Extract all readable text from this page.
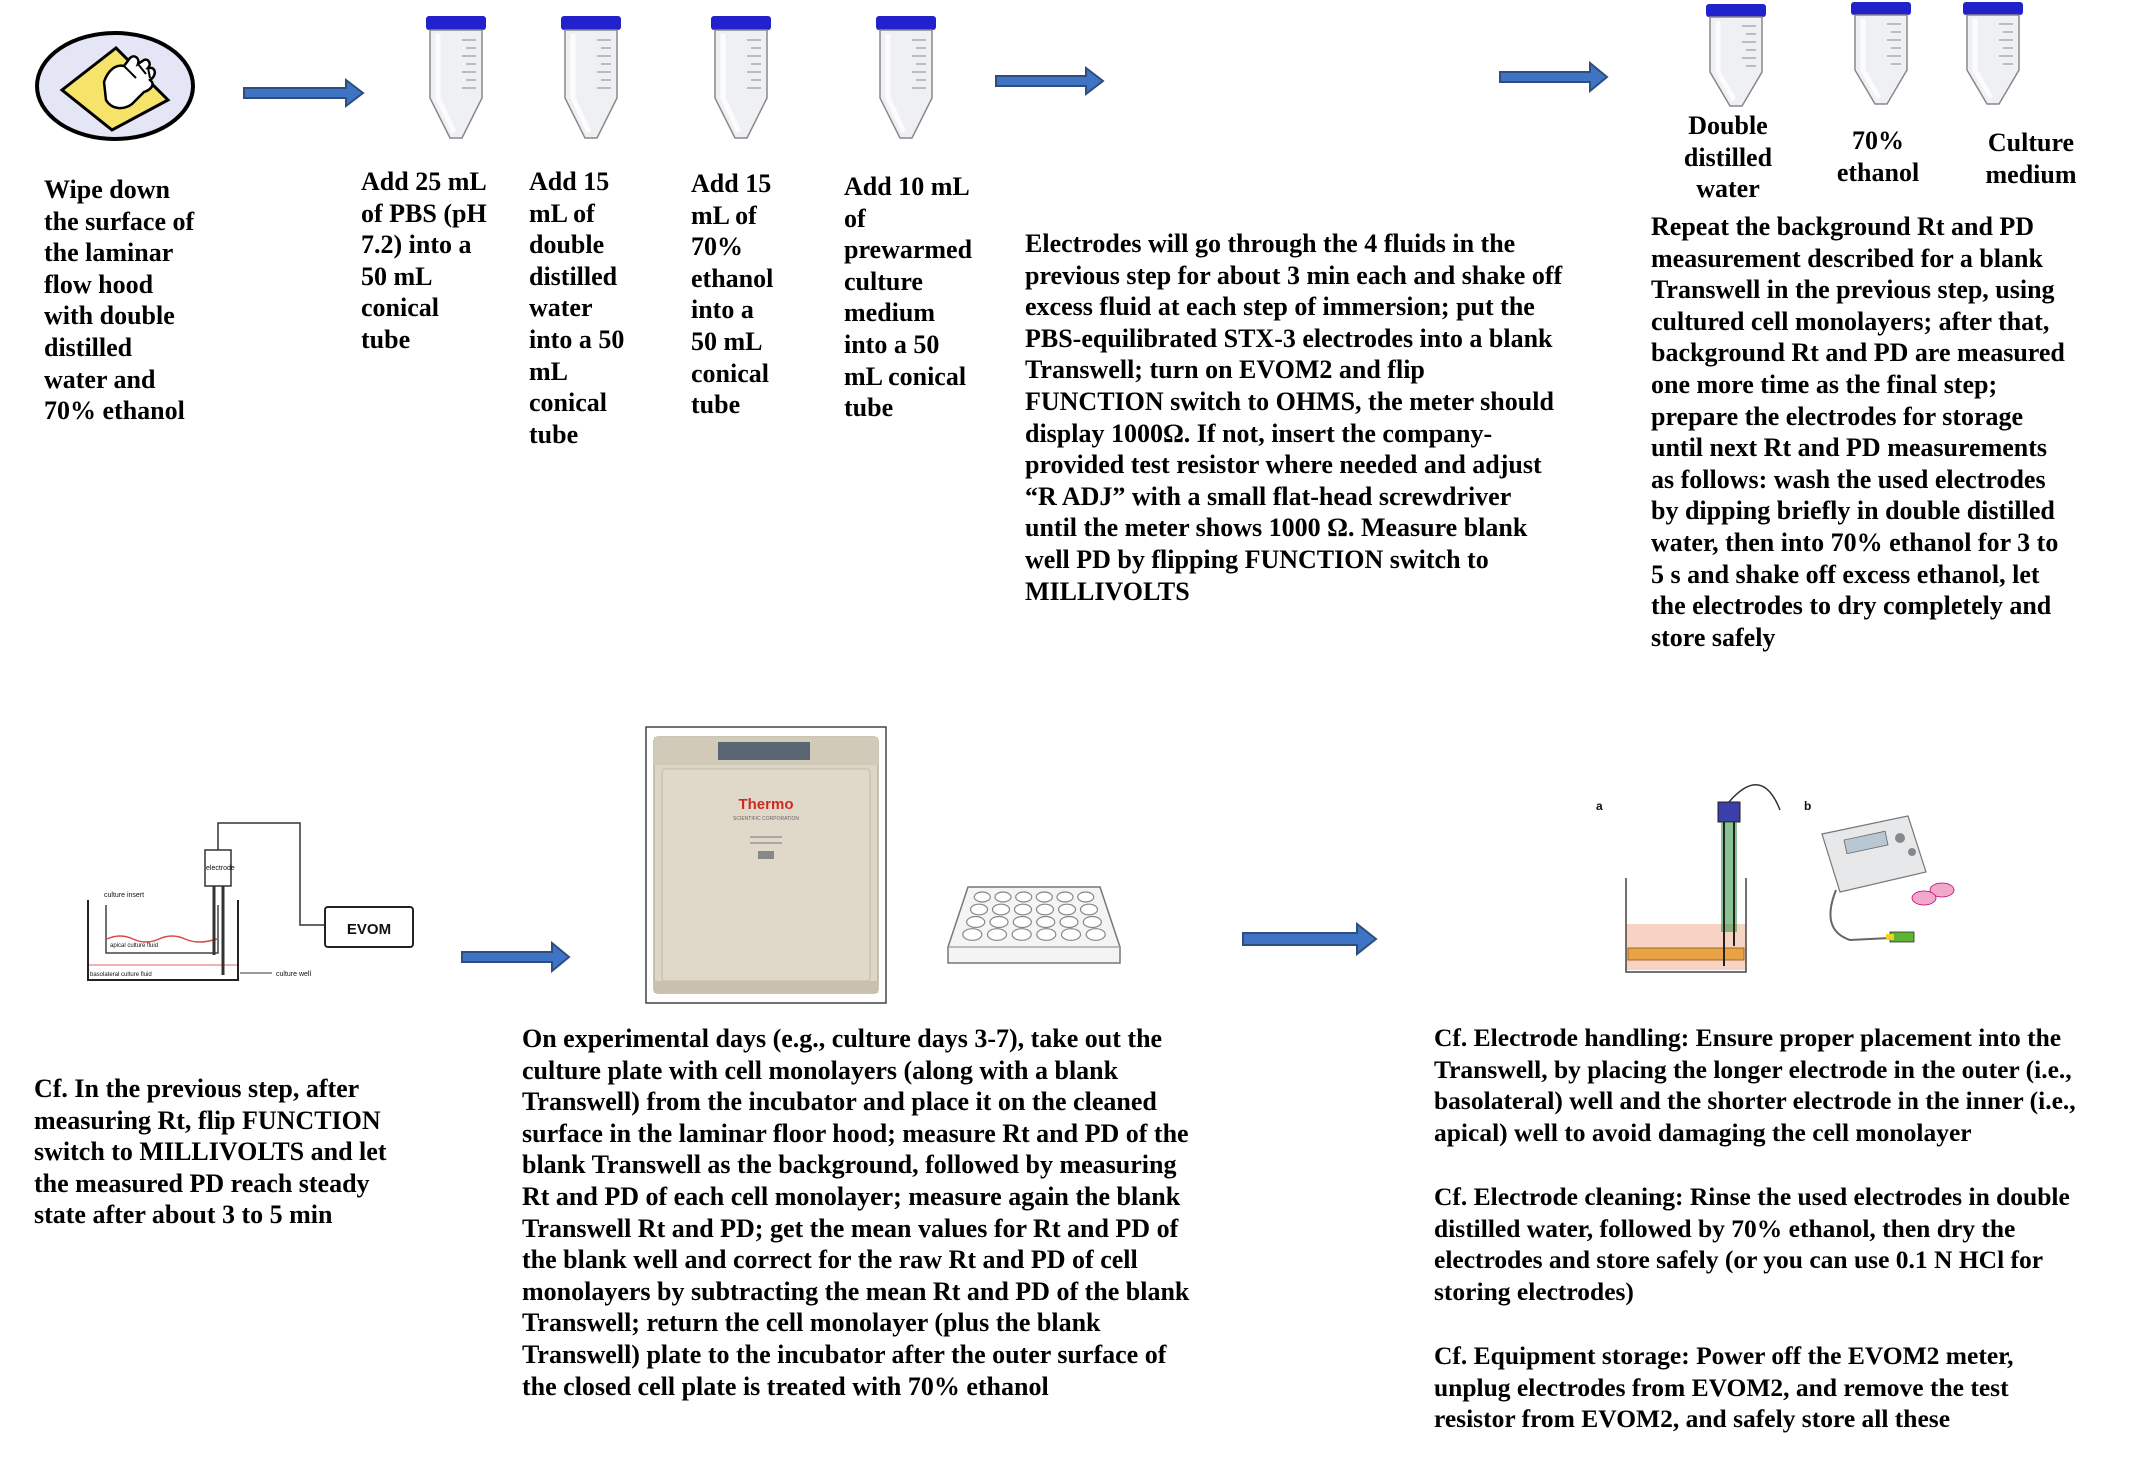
Wipe down
the surface of
the laminar
flow hood
with double
distilled
water and
70% ethanol
Add 25 mL
of PBS (pH
7.2) into a
50 mL
conical
tube
Add 15
mL of
double
distilled
water
into a 50
mL
conical
tube
Add 15
mL of
70%
ethanol
into a
50 mL
conical
tube
Add 10 mL
of
prewarmed
culture
medium
into a 50
mL conical
tube
Electrodes will go through the 4 fluids in the
previous step for about 3 min each and shake off
excess fluid at each step of immersion; put the
PBS-equilibrated STX-3 electrodes into a blank
Transwell; turn on EVOM2 and flip
FUNCTION switch to OHMS, the meter should
display 1000Ω. If not, insert the company-
provided test resistor where needed and adjust
“R ADJ” with a small flat-head screwdriver
until the meter shows 1000 Ω. Measure blank
well PD by flipping FUNCTION switch to
MILLIVOLTS
Double
distilled
water
70%
ethanol
Culture
medium
Repeat the background Rt and PD
measurement described for a blank
Transwell in the previous step, using
cultured cell monolayers; after that,
background Rt and PD are measured
one more time as the final step;
prepare the electrodes for storage
until next Rt and PD measurements
as follows: wash the used electrodes
by dipping briefly in double distilled
water, then into 70% ethanol for 3 to
5 s and shake off excess ethanol, let
the electrodes to dry completely and
store safely
EVOM
electrode
culture insert
apical culture fluid
basolateral culture fluid	culture well
Cf. In the previous step, after
measuring Rt, flip FUNCTION
switch to MILLIVOLTS and let
the measured PD reach steady
state after about 3 to 5 min
Thermo
SCIENTIFIC CORPORATION
On experimental days (e.g., culture days 3-7), take out the
culture plate with cell monolayers (along with a blank
Transwell) from the incubator and place it on the cleaned
surface in the laminar floor hood; measure Rt and PD of the
blank Transwell as the background, followed by measuring
Rt and PD of each cell monolayer; measure again the blank
Transwell Rt and PD; get the mean values for Rt and PD of
the blank well and correct for the raw Rt and PD of cell
monolayers by subtracting the mean Rt and PD of the blank
Transwell; return the cell monolayer (plus the blank
Transwell) plate to the incubator after the outer surface of
the closed cell plate is treated with 70% ethanol
a	b
Cf. Electrode handling: Ensure proper placement into the
Transwell, by placing the longer electrode in the outer (i.e.,
basolateral) well and the shorter electrode in the inner (i.e.,
apical) well to avoid damaging the cell monolayer
Cf. Electrode cleaning: Rinse the used electrodes in double
distilled water, followed by 70% ethanol, then dry the
electrodes and store safely (or you can use 0.1 N HCl for
storing electrodes)
Cf. Equipment storage: Power off the EVOM2 meter,
unplug electrodes from EVOM2, and remove the test
resistor from EVOM2, and safely store all these
